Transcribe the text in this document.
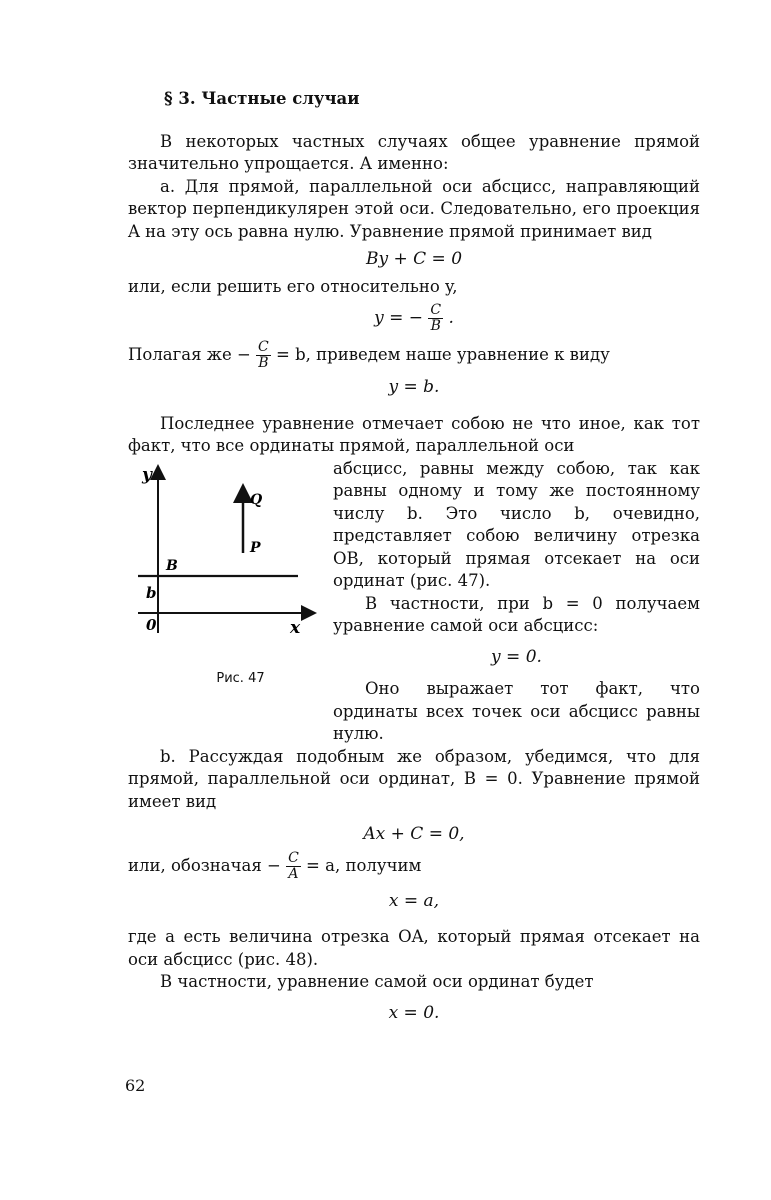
§ 3. Частные случаи

В некоторых частных случаях общее уравнение прямой значительно упрощается. А именно:

а. Для прямой, параллельной оси абсцисс, направляющий вектор перпендикулярен этой оси. Следовательно, его проекция A на эту ось равна нулю. Уравнение прямой принимает вид

By + C = 0

или, если решить его относительно y,

y = − $\frac{C}{B}$ .

Полагая же − $\frac{C}{B} = b$, приведем наше уравнение к виду

y = b.

Последнее уравнение отмечает собою не что иное, как тот факт, что все ординаты прямой, параллельной оси

y
x
0
b
B
Q
P
Рис. 47

абсцисс, равны между собою, так как равны одному и тому же постоянному числу b. Это число b, очевидно, представляет собою величину отрезка OB, который прямая отсекает на оси ординат (рис. 47).

В частности, при b = 0 получаем уравнение самой оси абсцисс:

y = 0.

Оно выражает тот факт, что ординаты всех точек оси абсцисс равны нулю.

b. Рассуждая подобным же образом, убедимся, что для прямой, параллельной оси ординат, B = 0. Уравнение прямой имеет вид

Ax + C = 0,

или, обозначая − $\frac{C}{A} = a$, получим

x = a,

где a есть величина отрезка OA, который прямая отсекает на оси абсцисс (рис. 48).

В частности, уравнение самой оси ординат будет

x = 0.
62
